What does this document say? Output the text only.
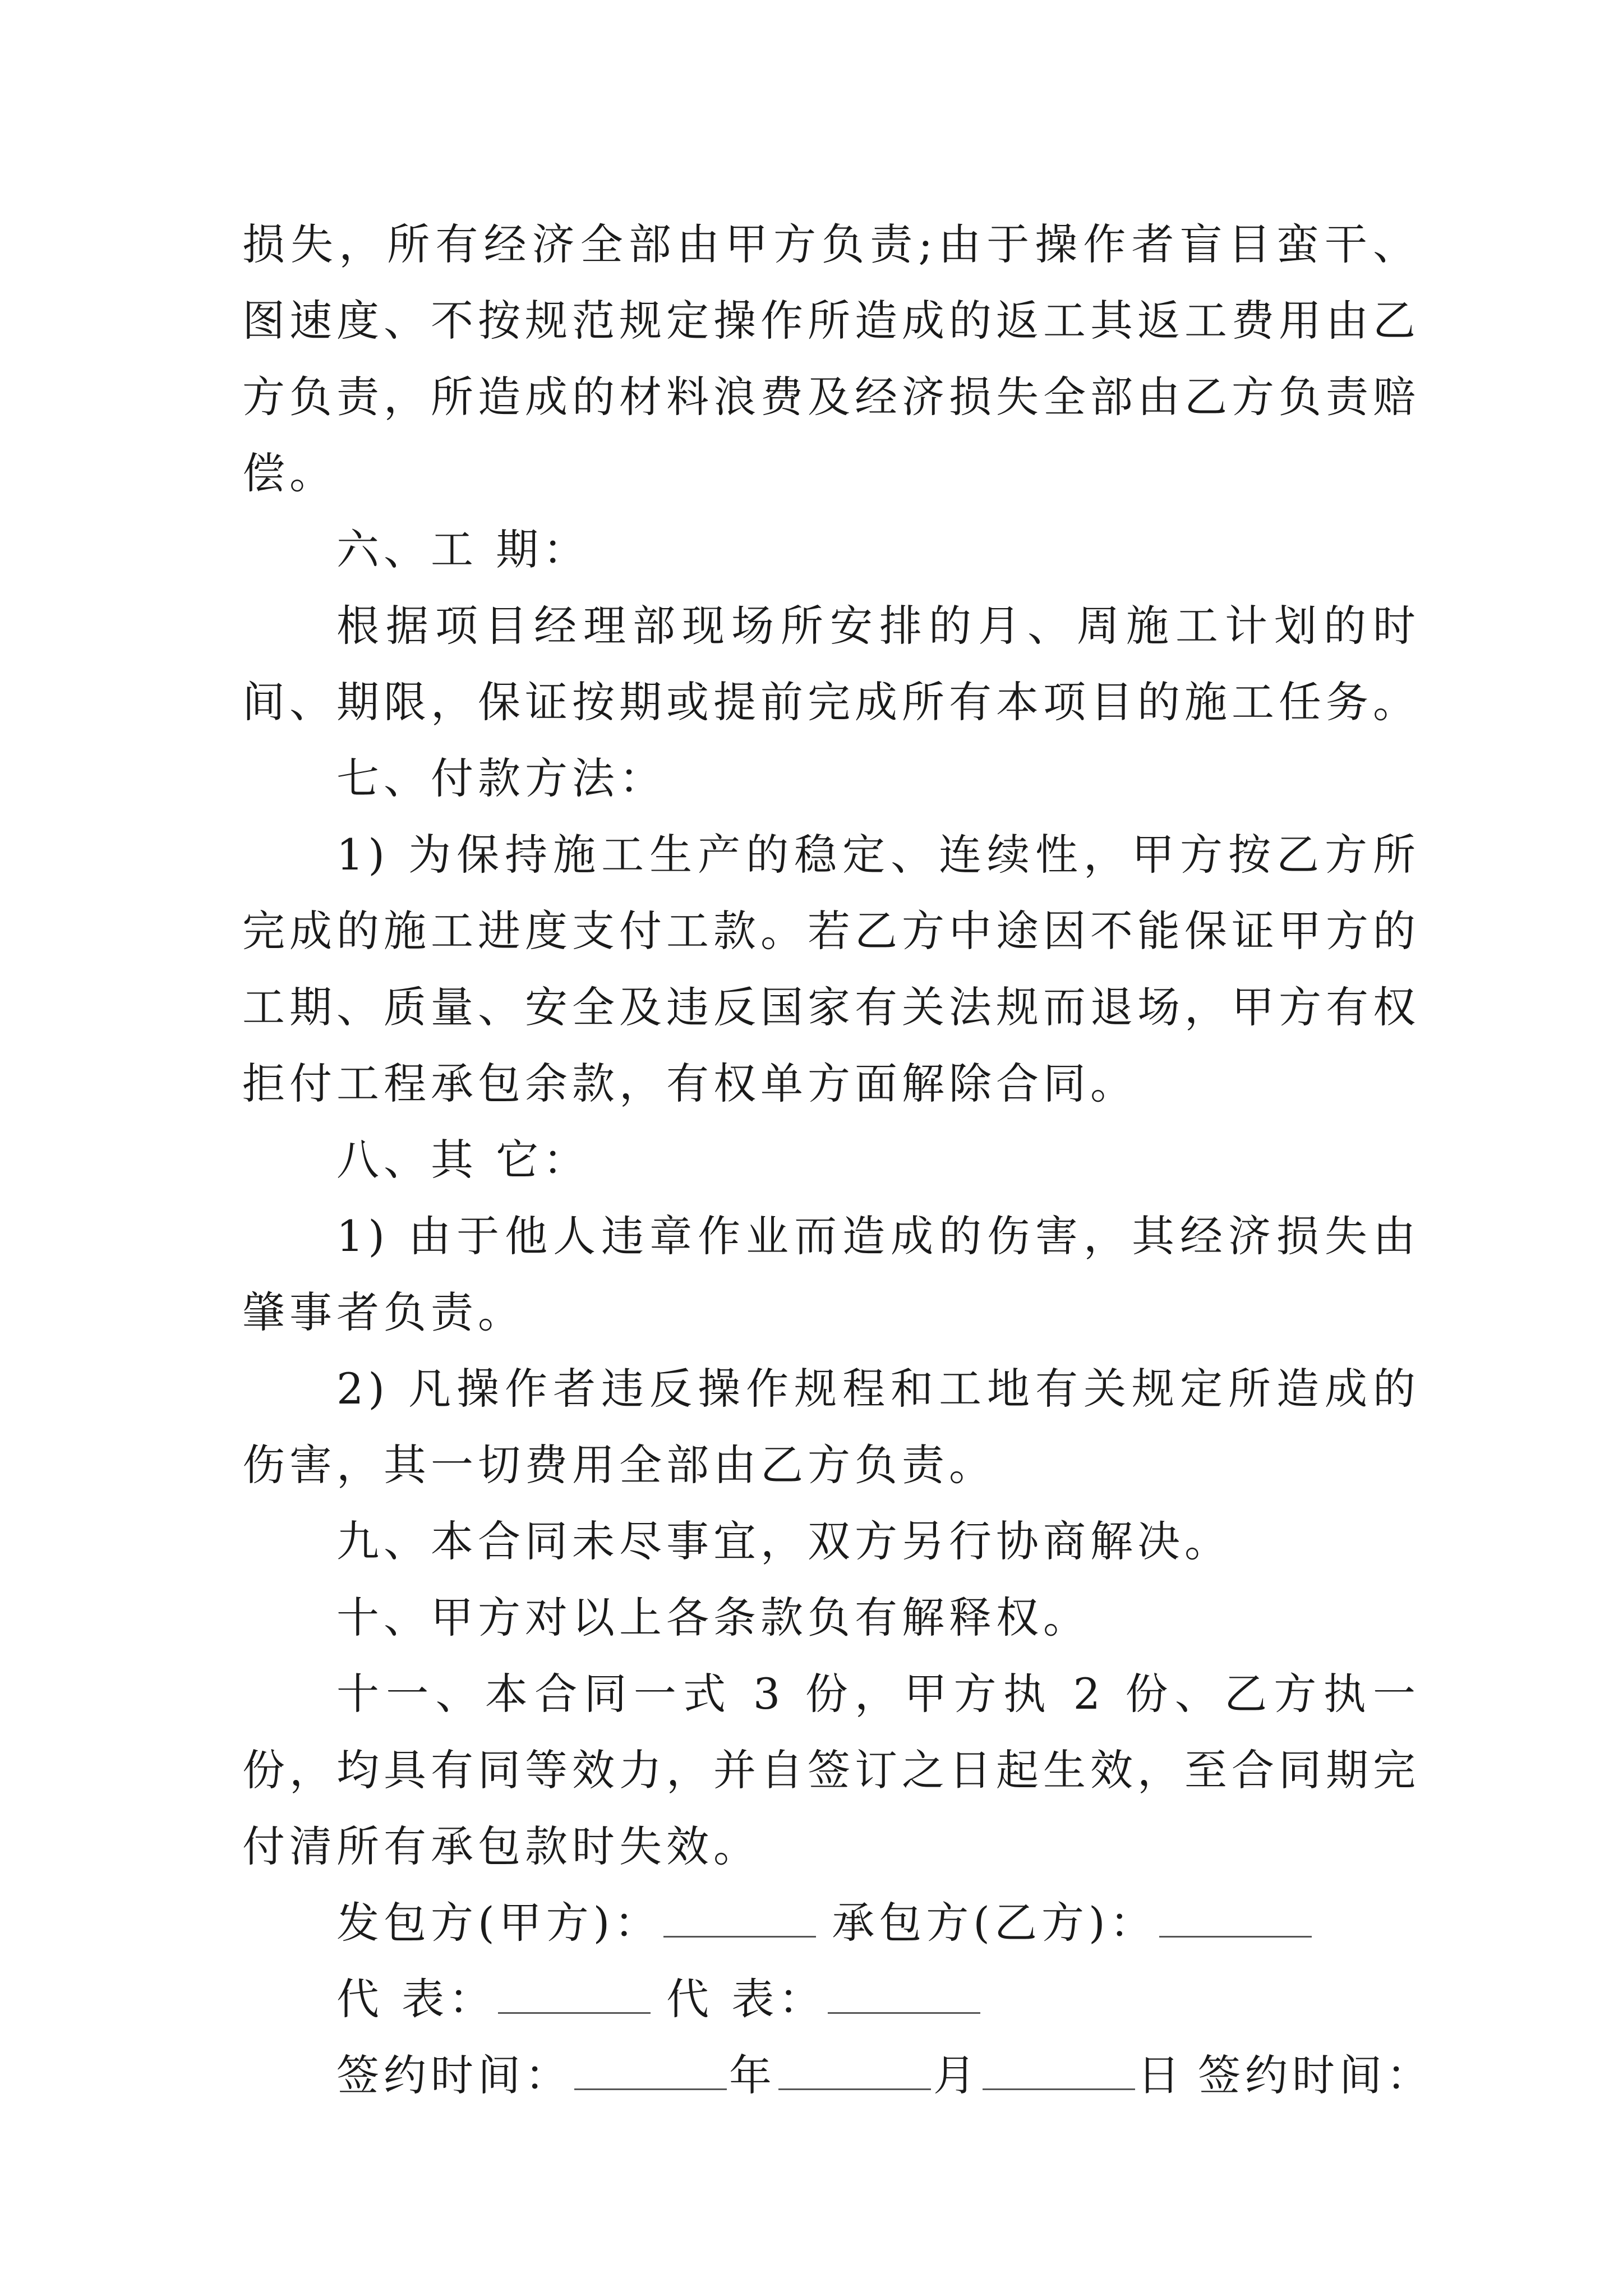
损失，所有经济全部由甲方负责;由于操作者盲目蛮干、图速度、不按规范规定操作所造成的返工其返工费用由乙方负责，所造成的材料浪费及经济损失全部由乙方负责赔偿。

六、工 期：

根据项目经理部现场所安排的月、周施工计划的时间、期限，保证按期或提前完成所有本项目的施工任务。

七、付款方法：

1) 为保持施工生产的稳定、连续性，甲方按乙方所完成的施工进度支付工款。若乙方中途因不能保证甲方的工期、质量、安全及违反国家有关法规而退场，甲方有权拒付工程承包余款，有权单方面解除合同。

八、其 它：

1) 由于他人违章作业而造成的伤害，其经济损失由肇事者负责。

2) 凡操作者违反操作规程和工地有关规定所造成的伤害，其一切费用全部由乙方负责。

九、本合同未尽事宜，双方另行协商解决。

十、甲方对以上各条款负有解释权。

十一、本合同一式 3 份，甲方执 2 份、乙方执一份，均具有同等效力，并自签订之日起生效，至合同期完付清所有承包款时失效。

发包方(甲方)：	承包方(乙方)：

代 表：	代 表：

签约时间：	年	月	日 签约时间：
